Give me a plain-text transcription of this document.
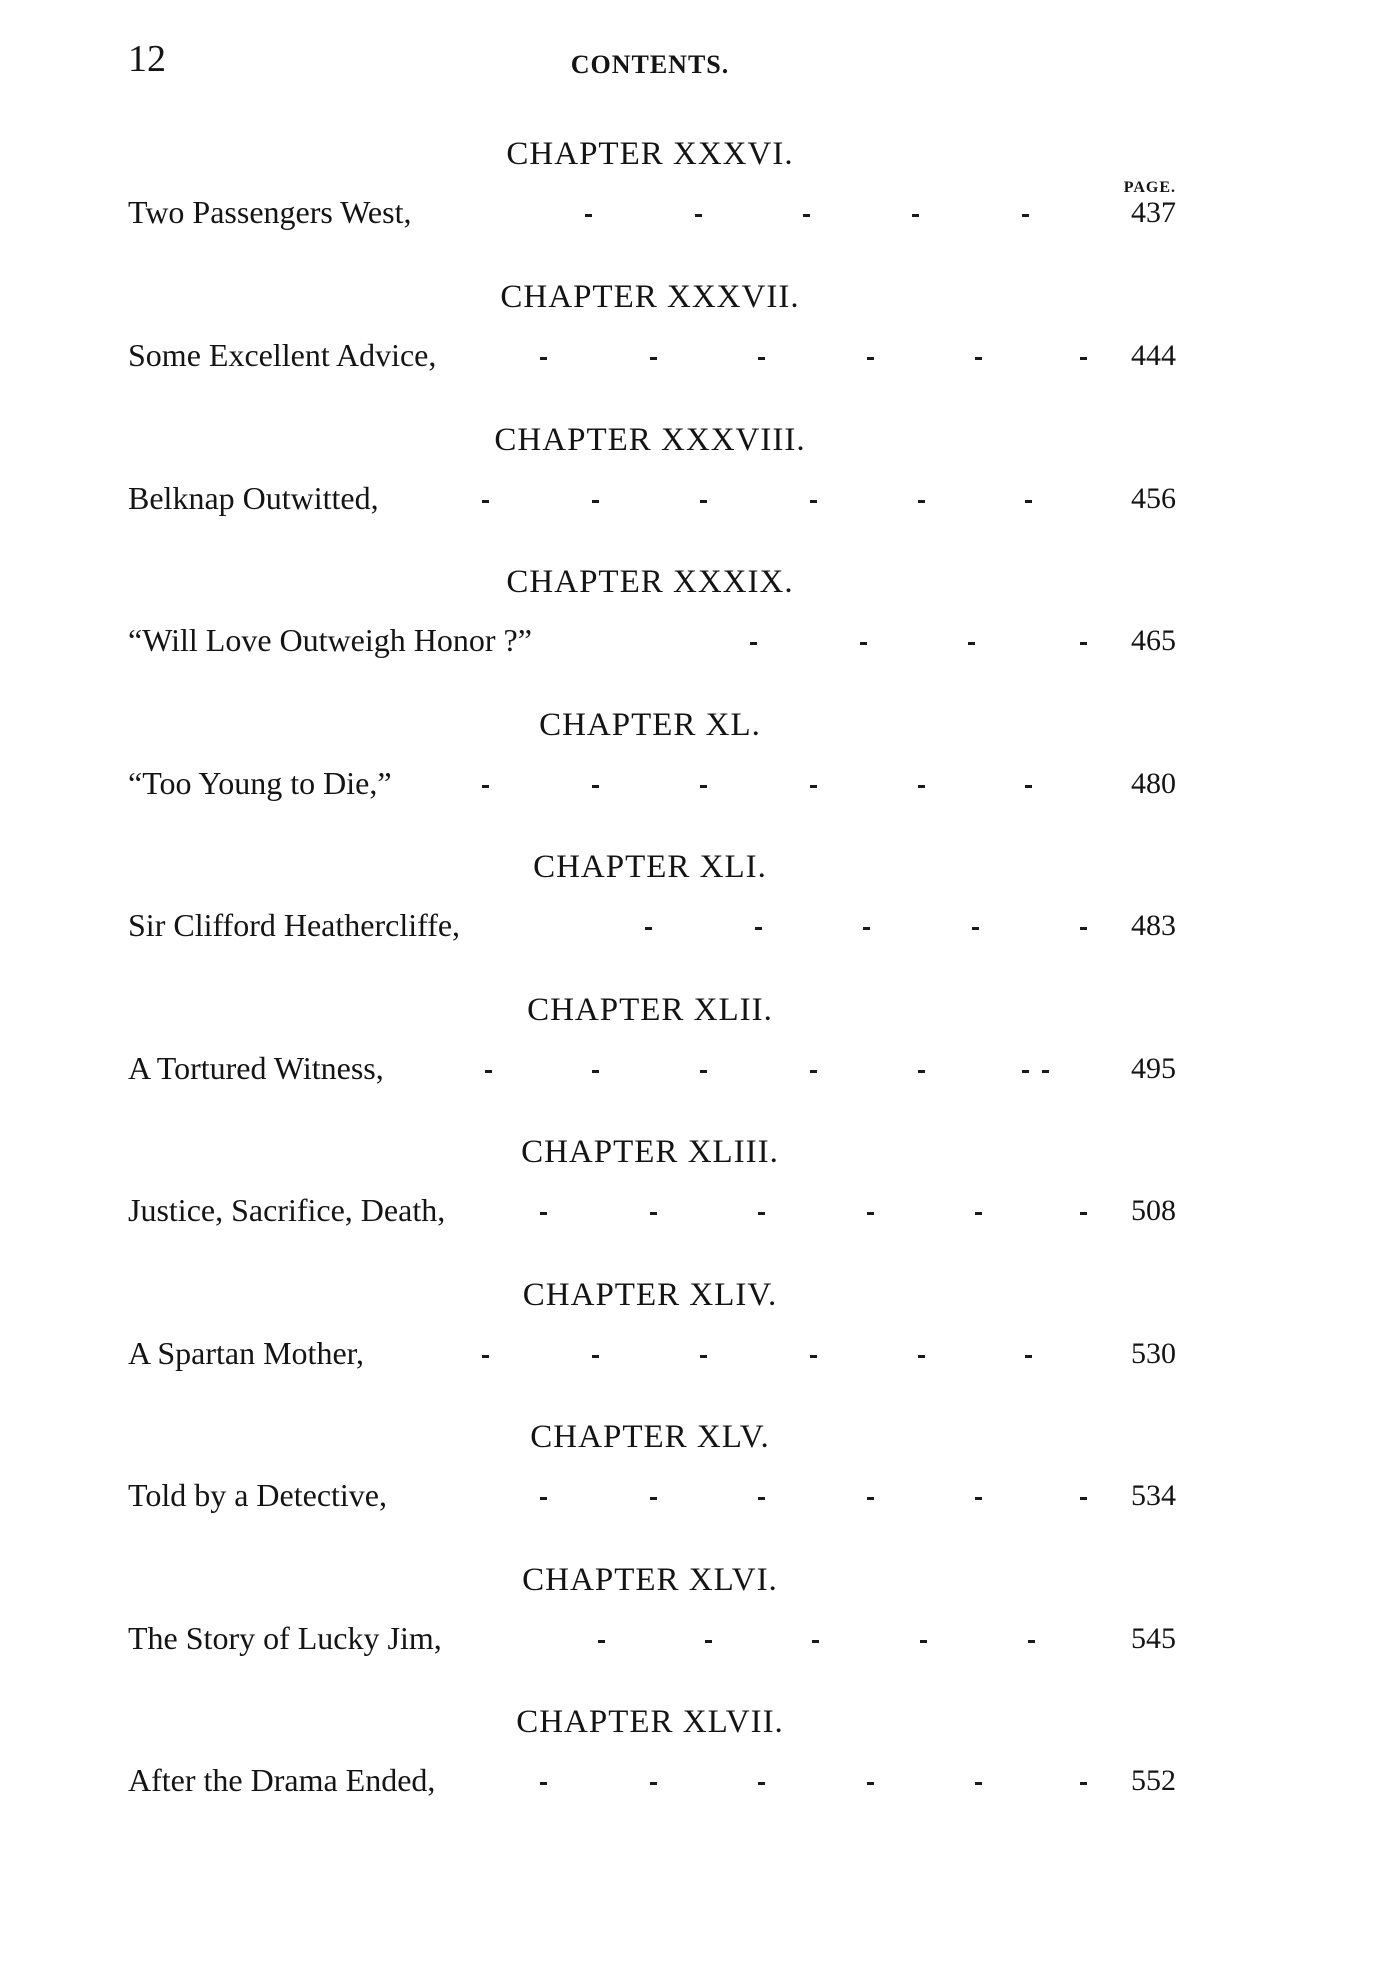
12	CONTENTS.
PAGE.
CHAPTER XXXVI.
Two Passengers West,	437
CHAPTER XXXVII.
Some Excellent Advice,	444
CHAPTER XXXVIII.
Belknap Outwitted,	456
CHAPTER XXXIX.
“Will Love Outweigh Honor ?”	465
CHAPTER XL.
“Too Young to Die,”	480
CHAPTER XLI.
Sir Clifford Heathercliffe,	483
CHAPTER XLII.
A Tortured Witness,	495
CHAPTER XLIII.
Justice, Sacrifice, Death,	508
CHAPTER XLIV.
A Spartan Mother,	530
CHAPTER XLV.
Told by a Detective,	534
CHAPTER XLVI.
The Story of Lucky Jim,	545
CHAPTER XLVII.
After the Drama Ended,	552
